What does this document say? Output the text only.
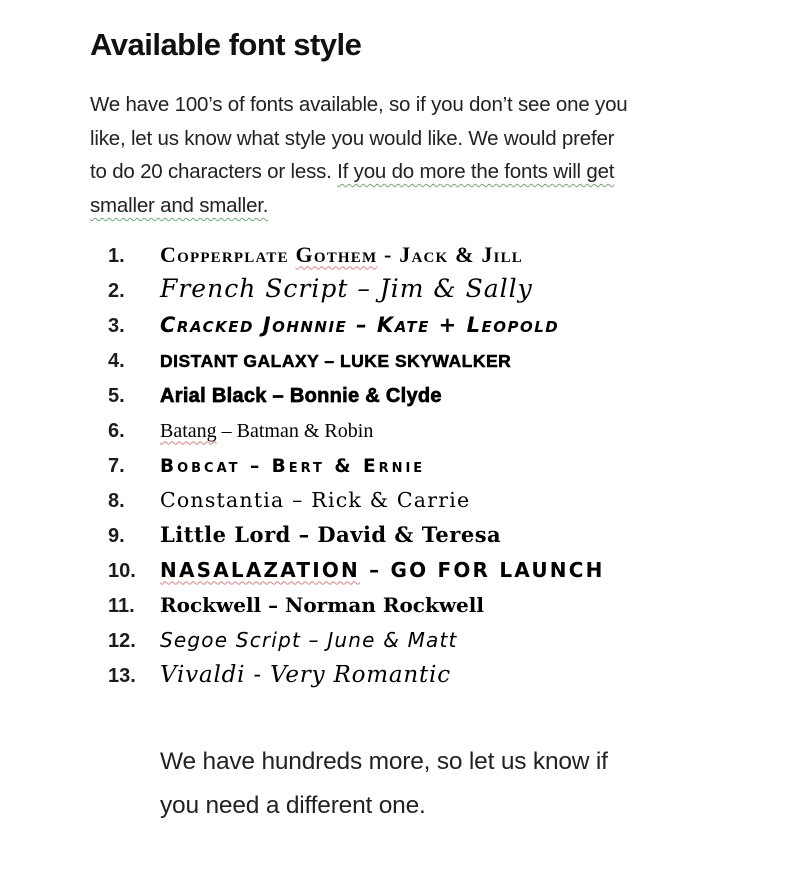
Available font style

We have 100’s of fonts available, so if you don’t see one you
like, let us know what style you would like. We would prefer
to do 20 characters or less. If you do more the fonts will get
smaller and smaller.

1.	Copperplate Gothem - Jack & Jill
2.	French Script – Jim & Sally
3.	Cracked Johnnie – Kate + Leopold
4.	DISTANT GALAXY – LUKE SKYWALKER
5.	Arial Black – Bonnie & Clyde
6.	Batang – Batman & Robin
7.	Bobcat – Bert & Ernie
8.	Constantia – Rick & Carrie
9.	Little Lord – David & Teresa
10.	NASALAZATION – GO FOR LAUNCH
11.	Rockwell – Norman Rockwell
12.	Segoe Script – June & Matt
13.	Vivaldi - Very Romantic

We have hundreds more, so let us know if
you need a different one.
